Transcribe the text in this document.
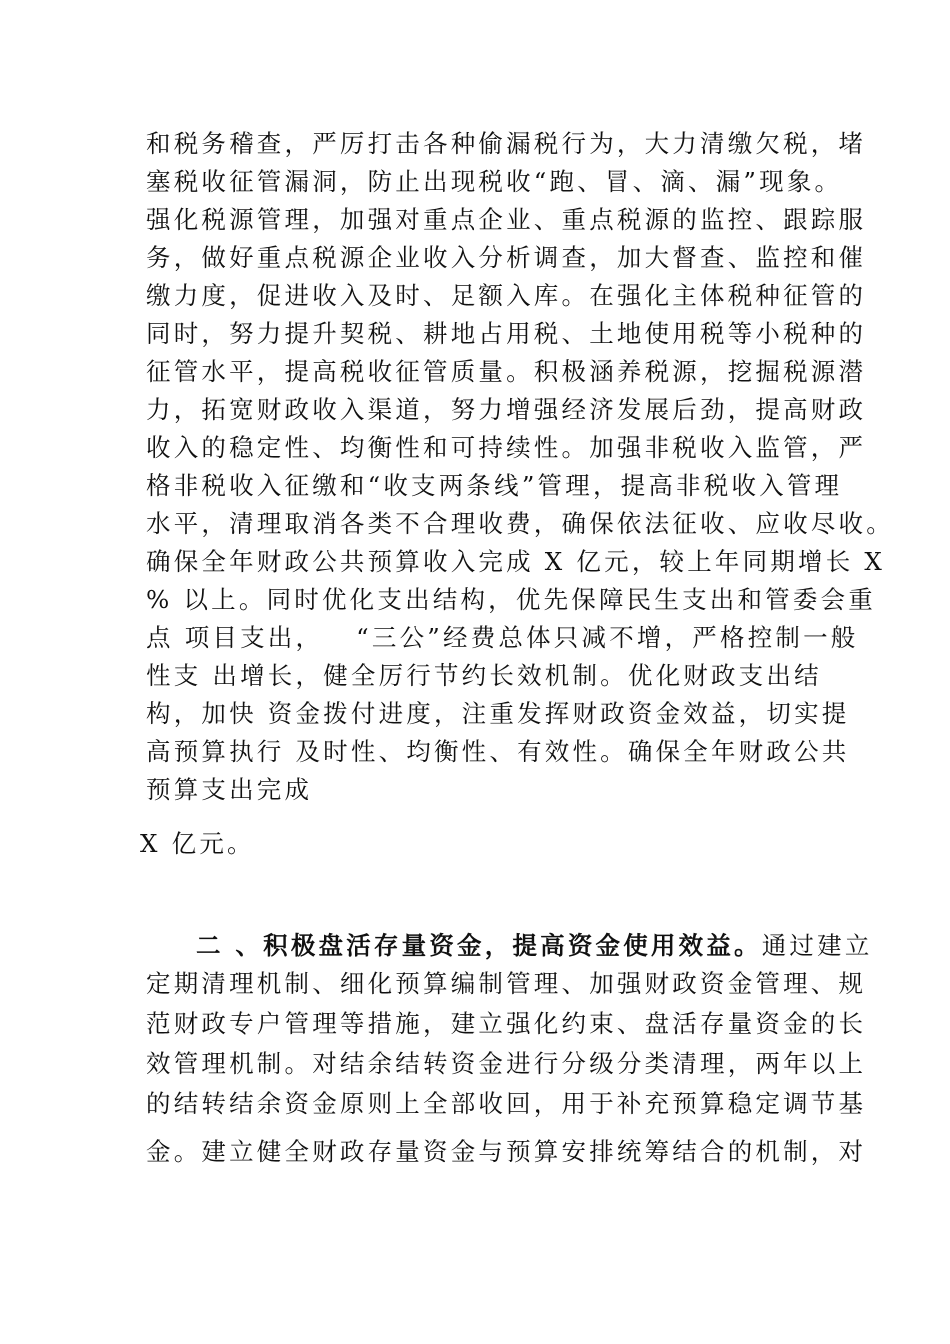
和税务稽查，严厉打击各种偷漏税行为，大力清缴欠税，堵
塞税收征管漏洞，防止出现税收“跑、冒、滴、漏”现象。
强化税源管理，加强对重点企业、重点税源的监控、跟踪服
务，做好重点税源企业收入分析调查，加大督查、监控和催
缴力度，促进收入及时、足额入库。在强化主体税种征管的
同时，努力提升契税、耕地占用税、土地使用税等小税种的
征管水平，提高税收征管质量。积极涵养税源，挖掘税源潜
力，拓宽财政收入渠道，努力增强经济发展后劲，提高财政
收入的稳定性、均衡性和可持续性。加强非税收入监管，严
格非税收入征缴和“收支两条线”管理，提高非税收入管理
水平，清理取消各类不合理收费，确保依法征收、应收尽收。
确保全年财政公共预算收入完成 X 亿元，较上年同期增长 X
% 以上。同时优化支出结构，优先保障民生支出和管委会重
点 项目支出，   “三公”经费总体只减不增，严格控制一般
性支 出增长，健全厉行节约长效机制。优化财政支出结
构，加快 资金拨付进度，注重发挥财政资金效益，切实提
高预算执行 及时性、均衡性、有效性。确保全年财政公共
预算支出完成
X 亿元。
二 、积极盘活存量资金，提高资金使用效益。通过建立
定期清理机制、细化预算编制管理、加强财政资金管理、规
范财政专户管理等措施，建立强化约束、盘活存量资金的长
效管理机制。对结余结转资金进行分级分类清理，两年以上
的结转结余资金原则上全部收回，用于补充预算稳定调节基
金。建立健全财政存量资金与预算安排统筹结合的机制，对
